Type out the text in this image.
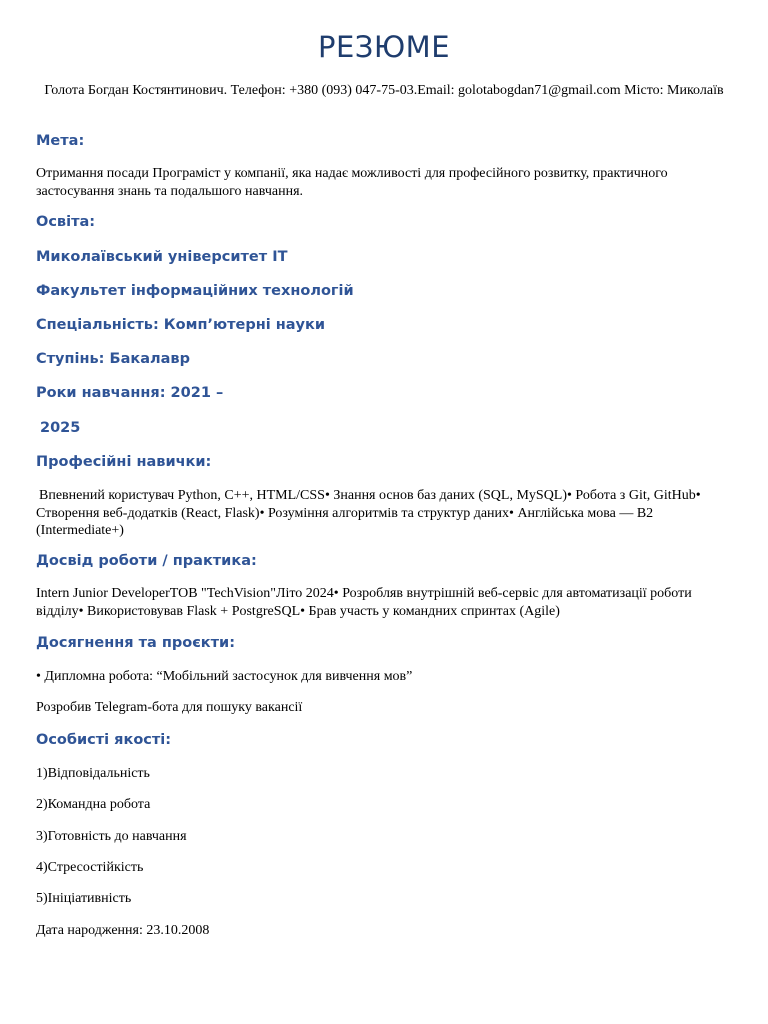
РЕЗЮМЕ
Голота Богдан Костянтинович. Телефон: +380 (093) 047-75-03.Email: golotabogdan71@gmail.com Місто: Миколаїв
Мета:

Отримання посади Програміст у компанії, яка надає можливості для професійного розвитку, практичного застосування знань та подальшого навчання.

Освіта:
Миколаївський університет IT
Факультет інформаційних технологій
Спеціальність: Комп’ютерні науки
Ступінь: Бакалавр
Роки навчання: 2021 –
2025
Професійні навички:

Впевнений користувач Python, C++, HTML/CSS• Знання основ баз даних (SQL, MySQL)• Робота з Git, GitHub• Створення веб-додатків (React, Flask)• Розуміння алгоритмів та структур даних• Англійська мова — B2 (Intermediate+)

Досвід роботи / практика:

Intern Junior DeveloperТОВ "TechVision"Літо 2024• Розробляв внутрішній веб-сервіс для автоматизації роботи відділу• Використовував Flask + PostgreSQL• Брав участь у командних спринтах (Agile)

Досягнення та проєкти:

• Дипломна робота: “Мобільний застосунок для вивчення мов”

Розробив Telegram-бота для пошуку вакансії

Особисті якості:

1)Відповідальність

2)Командна робота

3)Готовність до навчання

4)Стресостійкість

5)Ініціативність

Дата народження: 23.10.2008
